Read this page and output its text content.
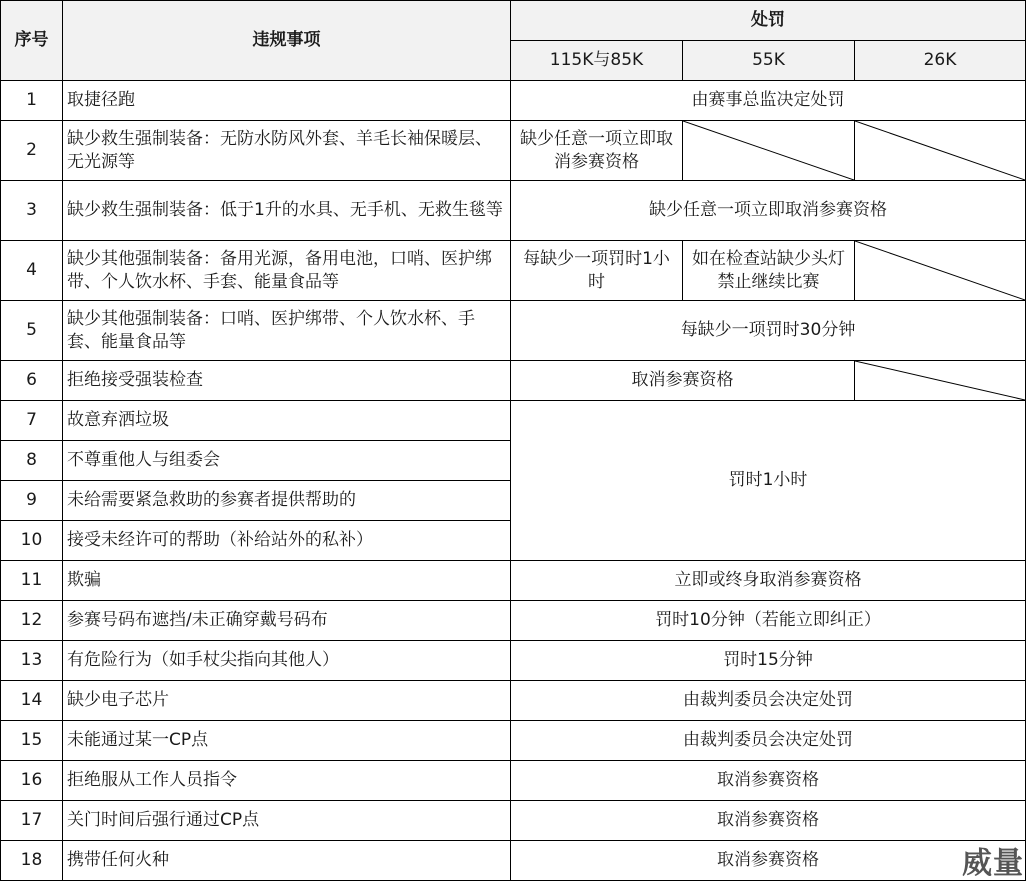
序号	违规事项	处罚		
		115K与85K	55K	26K
1	取捷径跑	由赛事总监决定处罚		
2	缺少救生强制装备：无防水防风外套、羊毛长袖保暖层、无光源等	缺少任意一项立即取消参赛资格	

3	缺少救生强制装备：低于1升的水具、无手机、无救生毯等	缺少任意一项立即取消参赛资格		
4	缺少其他强制装备：备用光源，备用电池，口哨、医护绑带、个人饮水杯、手套、能量食品等	每缺少一项罚时1小时	如在检查站缺少头灯禁止继续比赛	

5	缺少其他强制装备：口哨、医护绑带、个人饮水杯、手套、能量食品等	每缺少一项罚时30分钟		
6	拒绝接受强装检查	取消参赛资格	

7	故意弃洒垃圾	罚时1小时		
8	不尊重他人与组委会			
9	未给需要紧急救助的参赛者提供帮助的			
10	接受未经许可的帮助（补给站外的私补）			
11	欺骗	立即或终身取消参赛资格		
12	参赛号码布遮挡/未正确穿戴号码布	罚时10分钟（若能立即纠正）		
13	有危险行为（如手杖尖指向其他人）	罚时15分钟		
14	缺少电子芯片	由裁判委员会决定处罚		
15	未能通过某一CP点	由裁判委员会决定处罚		
16	拒绝服从工作人员指令	取消参赛资格		
17	关门时间后强行通过CP点	取消参赛资格		
18	携带任何火种	取消参赛资格			威量
